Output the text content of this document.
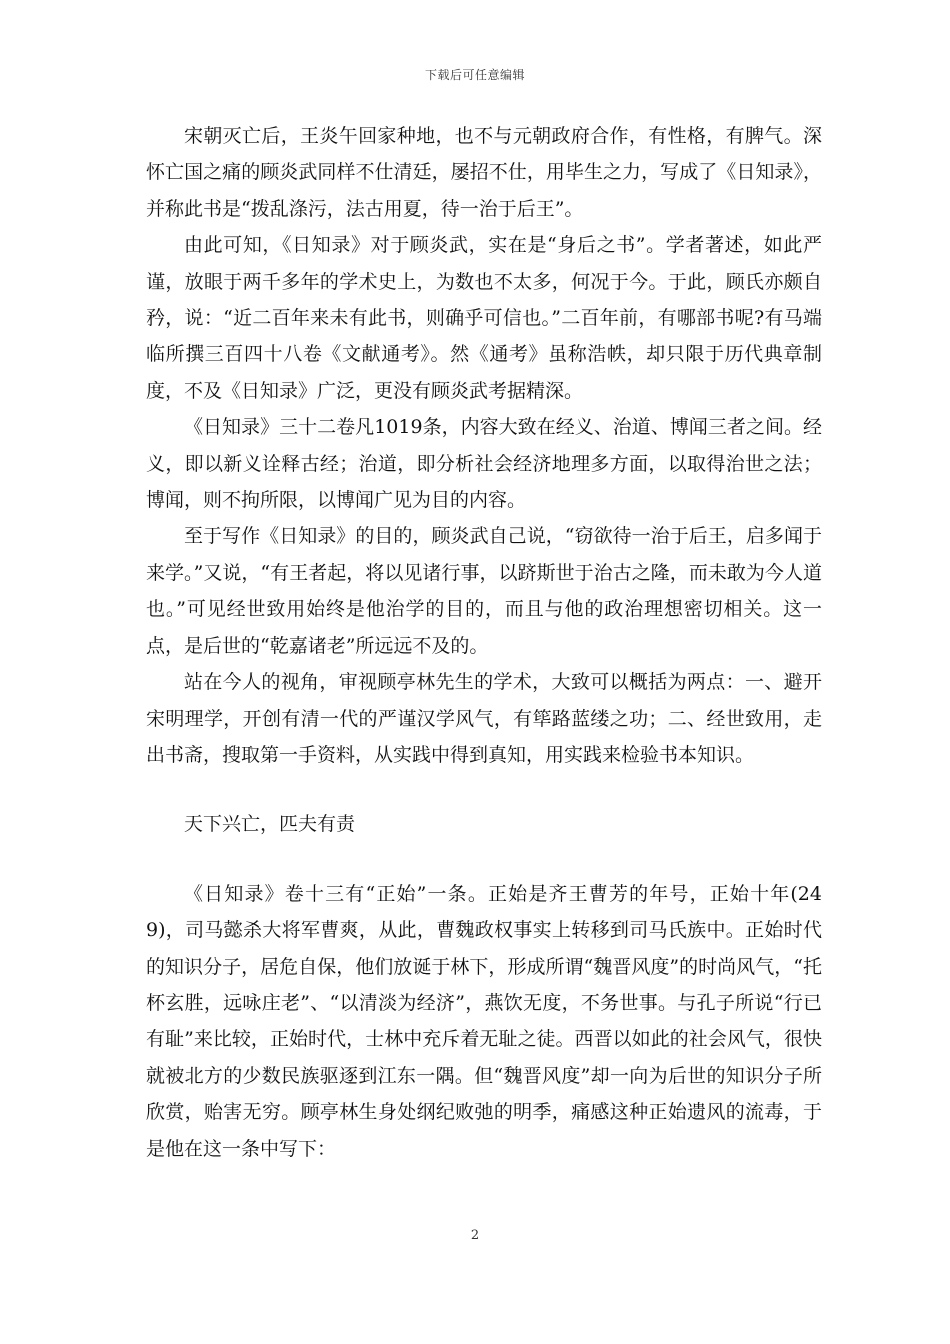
下载后可任意编辑

宋朝灭亡后，王炎午回家种地，也不与元朝政府合作，有性格，有脾气。深怀亡国之痛的顾炎武同样不仕清廷，屡招不仕，用毕生之力，写成了《日知录》，并称此书是“拨乱涤污，法古用夏，待一治于后王”。

由此可知，《日知录》对于顾炎武，实在是“身后之书”。学者著述，如此严谨，放眼于两千多年的学术史上，为数也不太多，何况于今。于此，顾氏亦颇自矜，说：“近二百年来未有此书，则确乎可信也。”二百年前，有哪部书呢?有马端临所撰三百四十八卷《文献通考》。然《通考》虽称浩帙，却只限于历代典章制度，不及《日知录》广泛，更没有顾炎武考据精深。

《日知录》三十二卷凡1019条，内容大致在经义、治道、博闻三者之间。经义，即以新义诠释古经；治道，即分析社会经济地理多方面，以取得治世之法；博闻，则不拘所限，以博闻广见为目的内容。

至于写作《日知录》的目的，顾炎武自己说，“窃欲待一治于后王，启多闻于来学。”又说，“有王者起，将以见诸行事，以跻斯世于治古之隆，而未敢为今人道也。”可见经世致用始终是他治学的目的，而且与他的政治理想密切相关。这一点，是后世的“乾嘉诸老”所远远不及的。

站在今人的视角，审视顾亭林先生的学术，大致可以概括为两点：一、避开宋明理学，开创有清一代的严谨汉学风气，有筚路蓝缕之功；二、经世致用，走出书斋，搜取第一手资料，从实践中得到真知，用实践来检验书本知识。

天下兴亡，匹夫有责

《日知录》卷十三有“正始”一条。正始是齐王曹芳的年号，正始十年(249)，司马懿杀大将军曹爽，从此，曹魏政权事实上转移到司马氏族中。正始时代的知识分子，居危自保，他们放诞于林下，形成所谓“魏晋风度”的时尚风气，“托杯玄胜，远咏庄老”、“以清淡为经济”，燕饮无度，不务世事。与孔子所说“行已有耻”来比较，正始时代，士林中充斥着无耻之徒。西晋以如此的社会风气，很快就被北方的少数民族驱逐到江东一隅。但“魏晋风度”却一向为后世的知识分子所欣赏，贻害无穷。顾亭林生身处纲纪败弛的明季，痛感这种正始遗风的流毒，于是他在这一条中写下：

2
